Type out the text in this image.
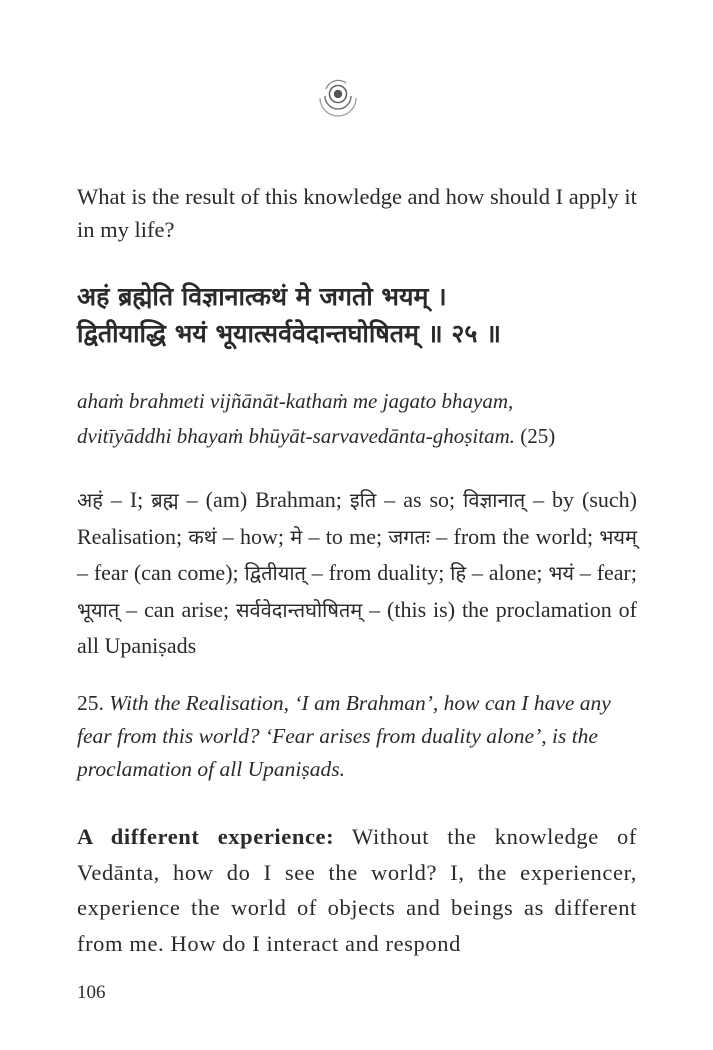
What is the result of this knowledge and how should I apply it in my life?
अहं ब्रह्मेति विज्ञानात्कथं मे जगतो भयम् ।
द्वितीयाद्धि भयं भूयात्सर्ववेदान्तघोषितम् ॥ २५ ॥
ahaṁ brahmeti vijñānāt-kathaṁ me jagato bhayam,
dvitīyāddhi bhayaṁ bhūyāt-sarvavedānta-ghoṣitam. (25)
अहं – I; ब्रह्म – (am) Brahman; इति – as so; विज्ञानात् – by (such) Realisation; कथं – how; मे – to me; जगतः – from the world; भयम् – fear (can come); द्वितीयात् – from duality; हि – alone; भयं – fear; भूयात् – can arise; सर्ववेदान्तघोषितम् – (this is) the proclamation of all Upaniṣads
25. With the Realisation, ‘I am Brahman’, how can I have any fear from this world? ‘Fear arises from duality alone’, is the proclamation of all Upaniṣads.
A different experience: Without the knowledge of Vedānta, how do I see the world? I, the experiencer, experience the world of objects and beings as different from me. How do I interact and respond
106
